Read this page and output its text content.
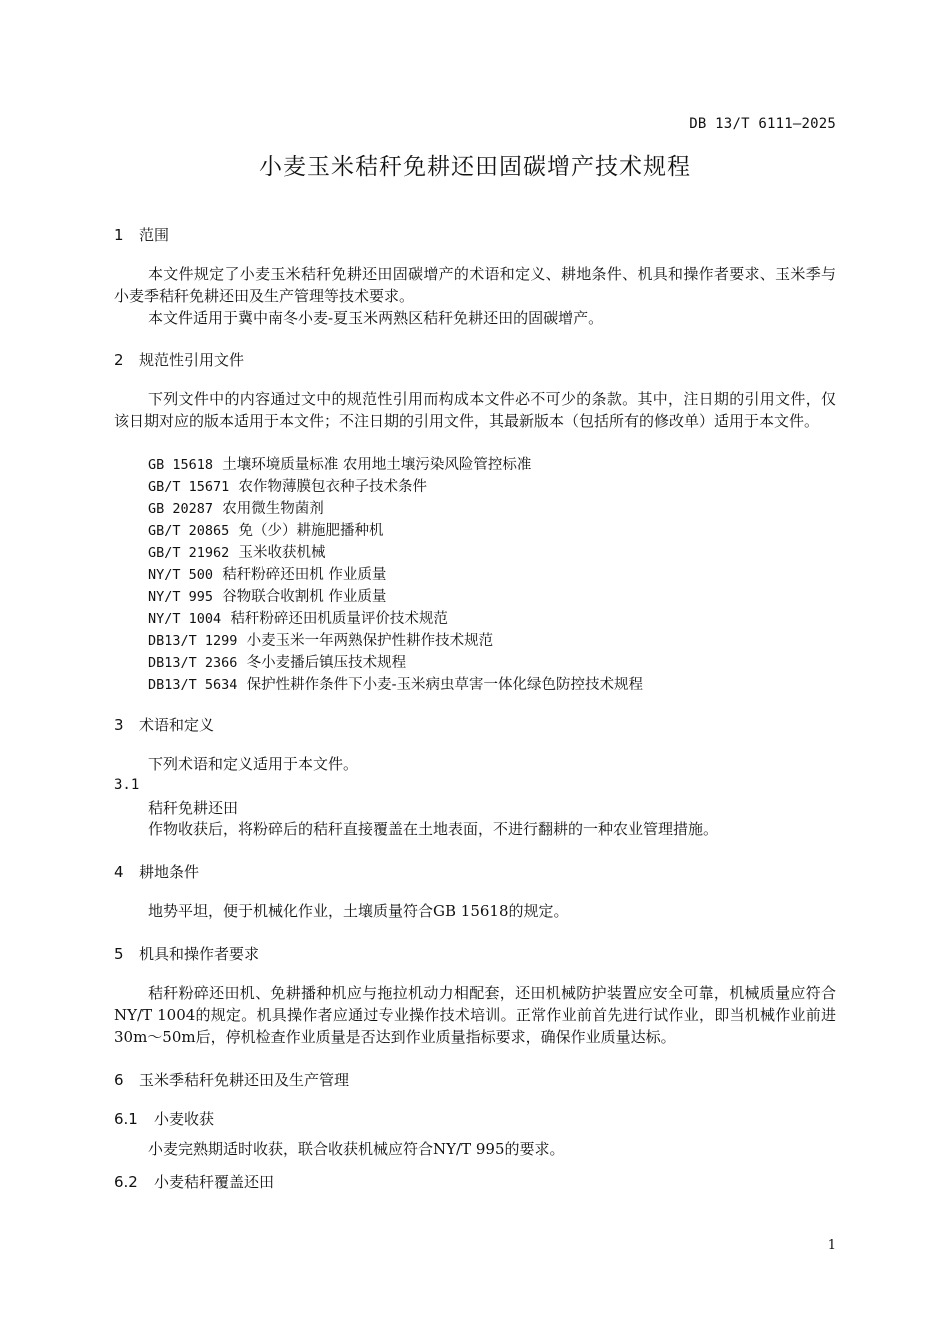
DB 13/T 6111—2025
小麦玉米秸秆免耕还田固碳增产技术规程
1 范围
本文件规定了小麦玉米秸秆免耕还田固碳增产的术语和定义、耕地条件、机具和操作者要求、玉米季与小麦季秸秆免耕还田及生产管理等技术要求。
本文件适用于冀中南冬小麦-夏玉米两熟区秸秆免耕还田的固碳增产。
2 规范性引用文件
下列文件中的内容通过文中的规范性引用而构成本文件必不可少的条款。其中，注日期的引用文件，仅该日期对应的版本适用于本文件；不注日期的引用文件，其最新版本（包括所有的修改单）适用于本文件。
GB 15618 土壤环境质量标准 农用地土壤污染风险管控标准
GB/T 15671 农作物薄膜包衣种子技术条件
GB 20287 农用微生物菌剂
GB/T 20865 免（少）耕施肥播种机
GB/T 21962 玉米收获机械
NY/T 500 秸秆粉碎还田机 作业质量
NY/T 995 谷物联合收割机 作业质量
NY/T 1004 秸秆粉碎还田机质量评价技术规范
DB13/T 1299 小麦玉米一年两熟保护性耕作技术规范
DB13/T 2366 冬小麦播后镇压技术规程
DB13/T 5634 保护性耕作条件下小麦-玉米病虫草害一体化绿色防控技术规程
3 术语和定义
下列术语和定义适用于本文件。
3.1
秸秆免耕还田
作物收获后，将粉碎后的秸秆直接覆盖在土地表面，不进行翻耕的一种农业管理措施。
4 耕地条件
地势平坦，便于机械化作业，土壤质量符合GB 15618的规定。
5 机具和操作者要求
秸秆粉碎还田机、免耕播种机应与拖拉机动力相配套，还田机械防护装置应安全可靠，机械质量应符合NY/T 1004的规定。机具操作者应通过专业操作技术培训。正常作业前首先进行试作业，即当机械作业前进30m～50m后，停机检查作业质量是否达到作业质量指标要求，确保作业质量达标。
6 玉米季秸秆免耕还田及生产管理
6.1 小麦收获
小麦完熟期适时收获，联合收获机械应符合NY/T 995的要求。
6.2 小麦秸秆覆盖还田
1
